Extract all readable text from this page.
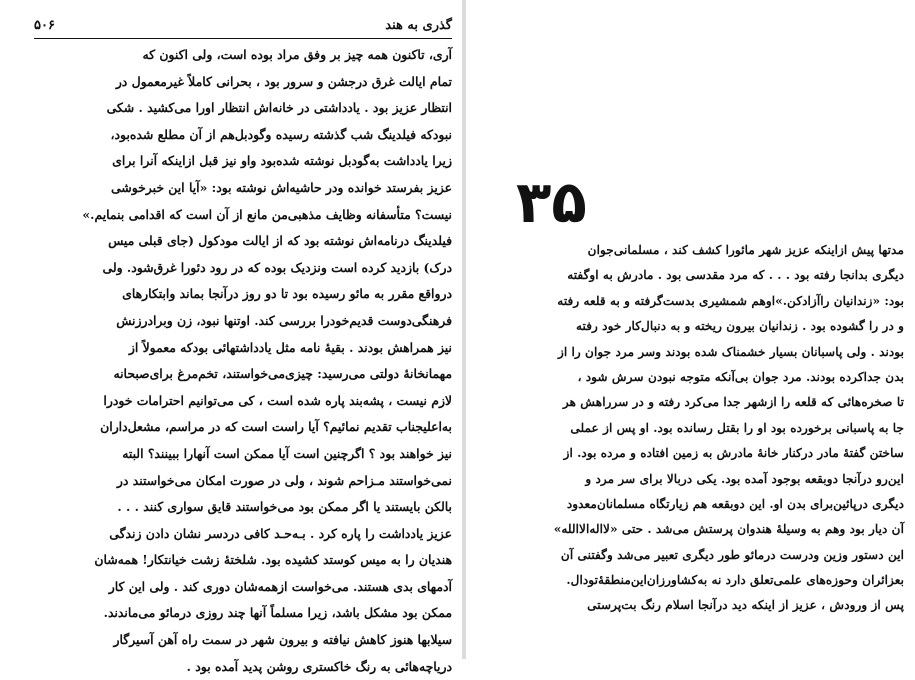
گذری به هند
۵۰۶
آری، تاکنون همه چیز بر وفق مراد بوده است، ولی اکنون که
تمام ایالت غرق درجشن و سرور بود ، بحرانی کاملاً غیرمعمول در
انتظار عزیز بود . یادداشتی در خانه‌اش انتظار اورا می‌کشید . شکی
نبودکه فیلدینگ شب گذشته رسیده وگودبل‌هم از آن مطلع شده‌بود،
زیرا یادداشت به‌گودبل نوشته شده‌بود واو نیز قبل ازاینکه آنرا برای
عزیز بفرستد خوانده ودر حاشیه‌اش نوشته بود: «آیا این خبرخوشی
نیست؟ متأسفانه وظایف مذهبی‌من مانع از آن است که اقدامی بنمایم.»
فیلدینگ درنامه‌اش نوشته بود که از ایالت مودکول (جای قبلی میس
درک) بازدید کرده است ونزدیک بوده که در رود دئورا غرق‌شود. ولی
درواقع مقرر به مائو رسیده بود تا دو روز درآنجا بماند وابتکارهای
فرهنگی‌دوست قدیم‌خودرا بررسی کند. اوتنها نبود، زن وبرادرزنش
نیز همراهش بودند . بقیهٔ نامه مثل یادداشتهائی بودکه معمولاً از
مهمانخانهٔ دولتی می‌رسید: چیزی‌می‌خواستند، تخم‌مرغ برای‌صبحانه
لازم نیست ، پشه‌بند پاره شده است ، کی می‌توانیم احترامات خودرا
به‌اعلیجناب تقدیم نمائیم؟ آیا راست است که در مراسم، مشعل‌داران
نیز خواهند بود ؟ اگرچنین است آیا ممکن است آنهارا ببینند؟ البته
نمی‌خواستند مـزاحم شوند ، ولی در صورت امکان می‌خواستند در
بالکن بایستند یا اگر ممکن بود می‌خواستند قایق سواری کنند . . .
عزیز یادداشت را پاره کرد . بـه‌حـد کافی دردسر نشان دادن زندگی
هندیان را به میس کوستد کشیده بود. شلخته‌ٔ زشت خیانتکار! همه‌شان
آدمهای بدی هستند. می‌خواست ازهمه‌شان دوری کند . ولی این کار
ممکن بود مشکل باشد، زیرا مسلماً آنها چند روزی درمائو می‌ماندند.
سیلابها هنوز کاهش نیافته و بیرون شهر در سمت راه آهن آسیرگار
دریاچه‌هائی به رنگ خاکستری روشن پدید آمده بود .
مدتها پیش ازاینکه عزیز شهر مائورا کشف کند ، مسلمانی‌جوان
دیگری بدانجا رفته بود . . . که مرد مقدسی بود . مادرش به اوگفته
بود: «زندانیان راآزادکن.»اوهم شمشیری بدست‌گرفته و به قلعه رفته
و در را گشوده بود . زندانیان بیرون ریخته و به دنبال‌کار خود رفته
بودند . ولی پاسبانان بسیار خشمناک شده بودند وسر مرد جوان را از
بدن جداکرده بودند. مرد جوان بی‌آنکه متوجه نبودن سرش شود ،
تا صخره‌هائی که قلعه را ازشهر جدا می‌کرد رفته و در سرراهش هر
جا به پاسبانی برخورده بود او را بقتل رسانده بود. او پس از عملی
ساختن گفتهٔ مادر درکنار خانهٔ مادرش به زمین افتاده و مرده بود. از
این‌رو درآنجا دوبقعه بوجود آمده بود. یکی دربالا برای سر مرد و
دیگری درپائین‌برای بدن او. این دوبقعه هم زیارتگاه مسلمانان‌معدود
آن دیار بود وهم به وسیلهٔ هندوان پرستش می‌شد . حتی «لااله‌الاالله»
این دستور وزین ودرست درمائو طور دیگری تعبیر می‌شد وگفتنی آن
بعزائران وحوزه‌های علمی‌تعلق دارد نه به‌کشاورزان‌این‌منطقهٔ‌تودال.
پس از ورودش ، عزیز از اینکه دید درآنجا اسلام رنگ بت‌پرستی
۳۵
